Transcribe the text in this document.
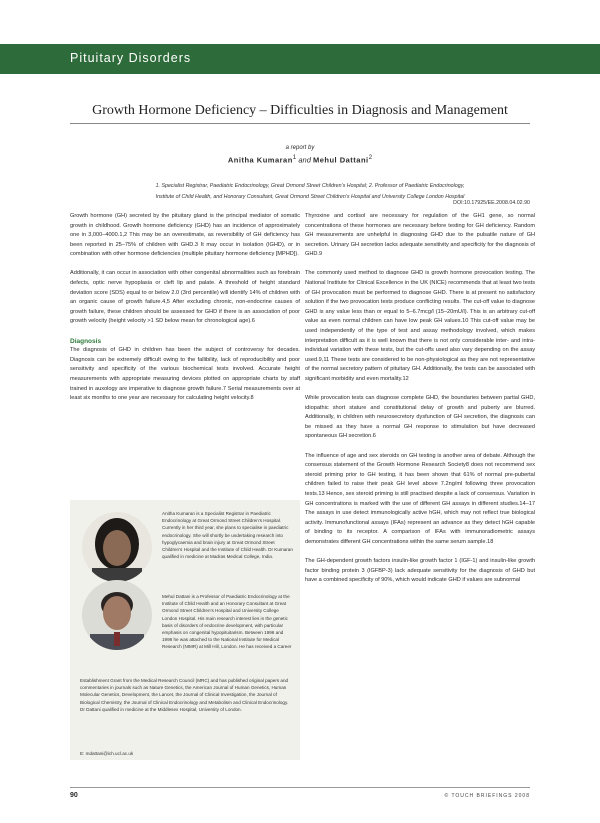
Pituitary Disorders
Growth Hormone Deficiency – Difficulties in Diagnosis and Management
a report by
Anitha Kumaran$^1$ and Mehul Dattani$^2$
1. Specialist Registrar, Paediatric Endocrinology, Great Ormond Street Children’s Hospital; 2. Professor of Paediatric Endocrinology,
Institute of Child Health, and Honorary Consultant, Great Ormond Street Children’s Hospital and University College London Hospital
DOI:10.17925/EE.2008.04.02.90

Growth hormone (GH) secreted by the pituitary gland is the principal mediator of somatic growth in childhood. Growth hormone deficiency (GHD) has an incidence of approximately one in 3,000–4000.1,2 This may be an overestimate, as reversibility of GH deficiency has been reported in 25–75% of children with GHD.3 It may occur in isolation (IGHD), or in combination with other hormone deficiencies (multiple pituitary hormone deficiency [MPHD]).

Additionally, it can occur in association with other congenital abnormalities such as forebrain defects, optic nerve hypoplasia or cleft lip and palate. A threshold of height standard deviation score (SDS) equal to or below 2.0 (3rd percentile) will identify 14% of children with an organic cause of growth failure.4,5 After excluding chronic, non-endocrine causes of growth failure, these children should be assessed for GHD if there is an association of poor growth velocity (height velocity >1 SD below mean for chronological age).6

Diagnosis

The diagnosis of GHD in children has been the subject of controversy for decades. Diagnosis can be extremely difficult owing to the fallibility, lack of reproducibility and poor sensitivity and specificity of the various biochemical tests involved. Accurate height measurements with appropriate measuring devices plotted on appropriate charts by staff trained in auxology are imperative to diagnose growth failure.7 Serial measurements over at least six months to one year are necessary for calculating height velocity.8

Anitha Kumaran is a Specialist Registrar in Paediatric Endocrinology at Great Ormond Street Children’s Hospital. Currently in her third year, she plans to specialise in paediatric endocrinology. She will shortly be undertaking research into hypoglycaemia and brain injury at Great Ormond Street Children’s Hospital and the Institute of Child Health. Dr Kumaran qualified in medicine at Madras Medical College, India.
Mehul Dattani is a Professor of Paediatric Endocrinology at the Institute of Child Health and an Honorary Consultant at Great Ormond Street Children’s Hospital and University College London Hospital. His main research interest lies in the genetic basis of disorders of endocrine development, with particular emphasis on congenital hypopituitarism. Between 1996 and 1998 he was attached to the National Institute for Medical Research (NIMR) at Mill Hill, London. He has received a Career
Establishment Grant from the Medical Research Council (MRC) and has published original papers and commentaries in journals such as Nature Genetics, the American Journal of Human Genetics, Human Molecular Genetics, Development, the Lancet, the Journal of Clinical Investigation, the Journal of Biological Chemistry, the Journal of Clinical Endocrinology and Metabolism and Clinical Endocrinology. Dr Dattani qualified in medicine at the Middlesex Hospital, University of London.
E: mdattani@ich.ucl.ac.uk

Thyroxine and cortisol are necessary for regulation of the GH1 gene, so normal concentrations of these hormones are necessary before testing for GH deficiency. Random GH measurements are unhelpful in diagnosing GHD due to the pulsatile nature of GH secretion. Urinary GH secretion lacks adequate sensitivity and specificity for the diagnosis of GHD.9

The commonly used method to diagnose GHD is growth hormone provocation testing. The National Institute for Clinical Excellence in the UK (NICE) recommends that at least two tests of GH provocation must be performed to diagnose GHD. There is at present no satisfactory solution if the two provocation tests produce conflicting results. The cut-off value to diagnose GHD is any value less than or equal to 5–6.7mcg/l (15–20mU/l). This is an arbitrary cut-off value as even normal children can have low peak GH values.10 This cut-off value may be used independently of the type of test and assay methodology involved, which makes interpretation difficult as it is well known that there is not only considerable inter- and intra-individual variation with these tests, but the cut-offs used also vary depending on the assay used.9,11 These tests are considered to be non-physiological as they are not representative of the normal secretory pattern of pituitary GH. Additionally, the tests can be associated with significant morbidity and even mortality.12

While provocation tests can diagnose complete GHD, the boundaries between partial GHD, idiopathic short stature and constitutional delay of growth and puberty are blurred. Additionally, in children with neurosecretory dysfunction of GH secretion, the diagnosis can be missed as they have a normal GH response to stimulation but have decreased spontaneous GH secretion.6

The influence of age and sex steroids on GH testing is another area of debate. Although the consensus statement of the Growth Hormone Research Society8 does not recommend sex steroid priming prior to GH testing, it has been shown that 61% of normal pre-pubertal children failed to raise their peak GH level above 7.2ng/ml following three provocation tests.13 Hence, sex steroid priming is still practised despite a lack of consensus. Variation in GH concentrations is marked with the use of different GH assays in different studies.14–17 The assays in use detect immunologically active hGH, which may not reflect true biological activity. Immunofunctional assays (IFAs) represent an advance as they detect hGH capable of binding to its receptor. A comparison of IFAs with immunoradiometric assays demonstrates different GH concentrations within the same serum sample.18

The GH-dependent growth factors insulin-like growth factor 1 (IGF-1) and insulin-like growth factor binding protein 3 (IGFBP-3) lack adequate sensitivity for the diagnosis of GHD but have a combined specificity of 90%, which would indicate GHD if values are subnormal

90	© TOUCH BRIEFINGS 2008
